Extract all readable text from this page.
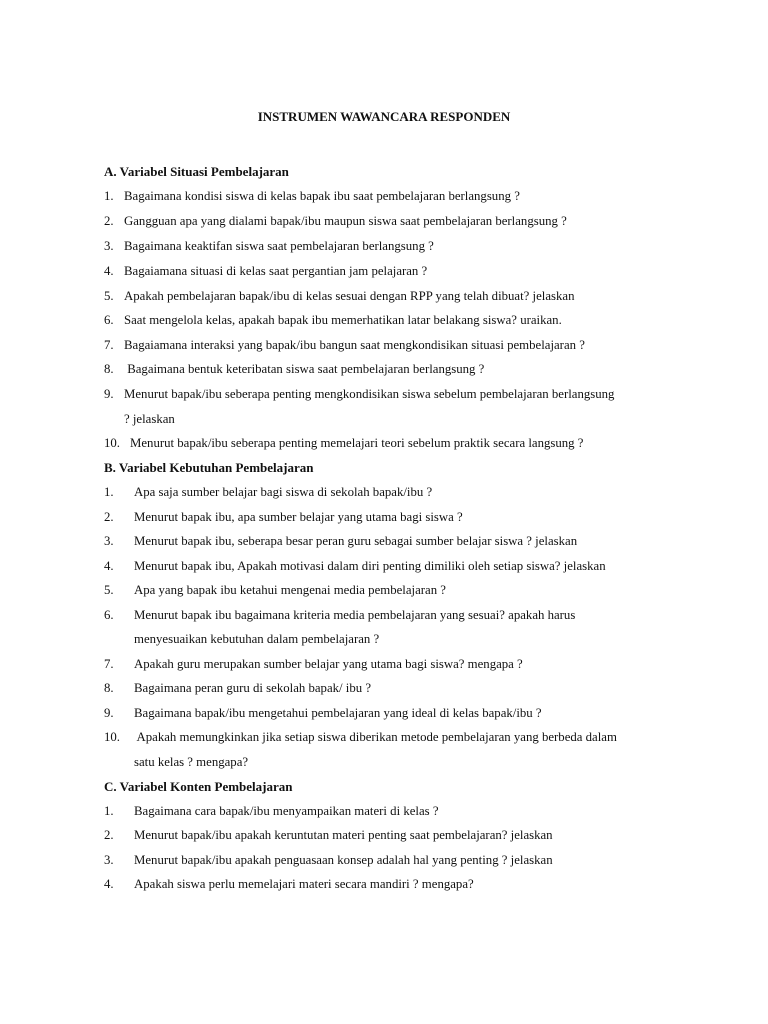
INSTRUMEN WAWANCARA RESPONDEN
A. Variabel Situasi Pembelajaran
1. Bagaimana kondisi siswa di kelas bapak ibu saat pembelajaran berlangsung ?
2. Gangguan apa yang dialami bapak/ibu maupun siswa saat pembelajaran berlangsung ?
3. Bagaimana keaktifan siswa saat pembelajaran berlangsung ?
4. Bagaiamana situasi di kelas saat pergantian jam pelajaran ?
5. Apakah pembelajaran bapak/ibu di kelas sesuai dengan RPP yang telah dibuat? jelaskan
6. Saat mengelola kelas, apakah bapak ibu memerhatikan latar belakang siswa? uraikan.
7. Bagaiamana interaksi yang bapak/ibu bangun saat mengkondisikan situasi pembelajaran ?
8. Bagaimana bentuk keteribatan siswa saat pembelajaran berlangsung ?
9. Menurut bapak/ibu seberapa penting mengkondisikan siswa sebelum pembelajaran berlangsung
? jelaskan
10. Menurut bapak/ibu seberapa penting memelajari teori sebelum praktik secara langsung ?
B. Variabel Kebutuhan Pembelajaran
1. Apa saja sumber belajar bagi siswa di sekolah bapak/ibu ?
2. Menurut bapak ibu, apa sumber belajar yang utama bagi siswa ?
3. Menurut bapak ibu, seberapa besar peran guru sebagai sumber belajar siswa ? jelaskan
4. Menurut bapak ibu, Apakah motivasi dalam diri penting dimiliki oleh setiap siswa? jelaskan
5. Apa yang bapak ibu ketahui mengenai media pembelajaran ?
6. Menurut bapak ibu bagaimana kriteria media pembelajaran yang sesuai? apakah harus
menyesuaikan kebutuhan dalam pembelajaran ?
7. Apakah guru merupakan sumber belajar yang utama bagi siswa? mengapa ?
8. Bagaimana peran guru di sekolah bapak/ ibu ?
9. Bagaimana bapak/ibu mengetahui pembelajaran yang ideal di kelas bapak/ibu ?
10. Apakah memungkinkan jika setiap siswa diberikan metode pembelajaran yang berbeda dalam
satu kelas ? mengapa?
C. Variabel Konten Pembelajaran
1. Bagaimana cara bapak/ibu menyampaikan materi di kelas ?
2. Menurut bapak/ibu apakah keruntutan materi penting saat pembelajaran? jelaskan
3. Menurut bapak/ibu apakah penguasaan konsep adalah hal yang penting ? jelaskan
4. Apakah siswa perlu memelajari materi secara mandiri ? mengapa?
